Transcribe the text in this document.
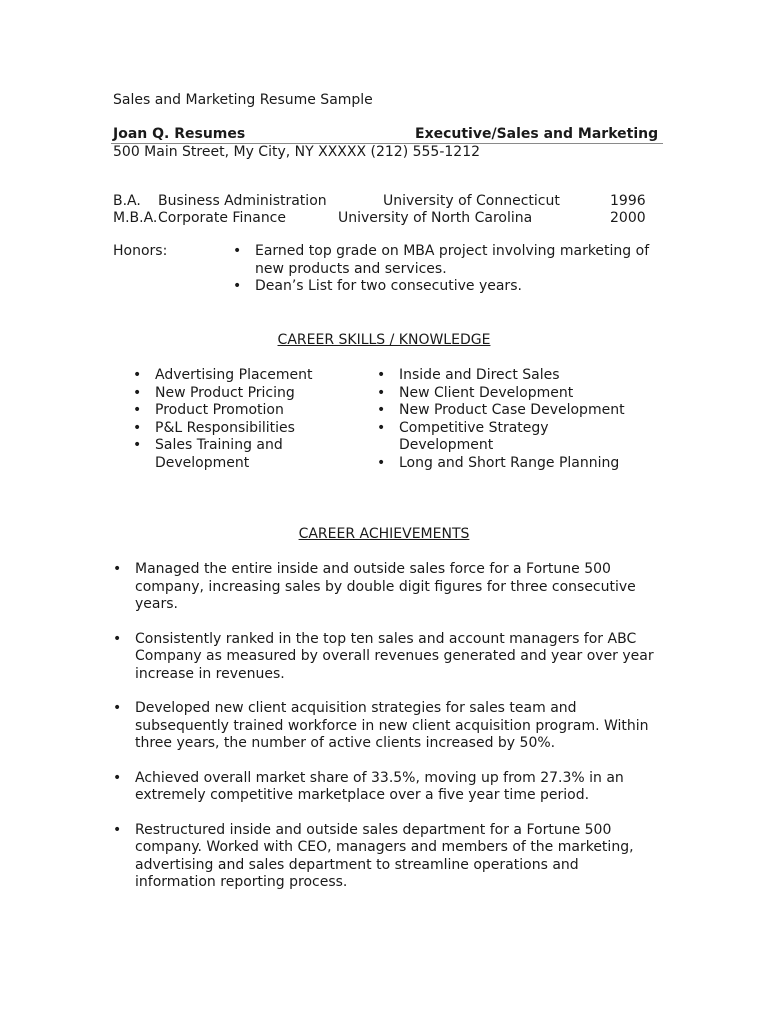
Sales and Marketing Resume Sample
Joan Q. Resumes	Executive/Sales and Marketing
500 Main Street, My City, NY XXXXX (212) 555-1212
B.A. Business Administration	University of Connecticut	1996
M.B.A. Corporate Finance	University of North Carolina	2000
Honors:	• Earned top grade on MBA project involving marketing of new products and services.
• Dean’s List for two consecutive years.
CAREER SKILLS / KNOWLEDGE
• Advertising Placement
• New Product Pricing
• Product Promotion
• P&L Responsibilities
• Sales Training and Development
• Inside and Direct Sales
• New Client Development
• New Product Case Development
• Competitive Strategy Development
• Long and Short Range Planning
CAREER ACHIEVEMENTS
• Managed the entire inside and outside sales force for a Fortune 500 company, increasing sales by double digit figures for three consecutive years.
• Consistently ranked in the top ten sales and account managers for ABC Company as measured by overall revenues generated and year over year increase in revenues.
• Developed new client acquisition strategies for sales team and subsequently trained workforce in new client acquisition program. Within three years, the number of active clients increased by 50%.
• Achieved overall market share of 33.5%, moving up from 27.3% in an extremely competitive marketplace over a five year time period.
• Restructured inside and outside sales department for a Fortune 500 company. Worked with CEO, managers and members of the marketing, advertising and sales department to streamline operations and information reporting process.
